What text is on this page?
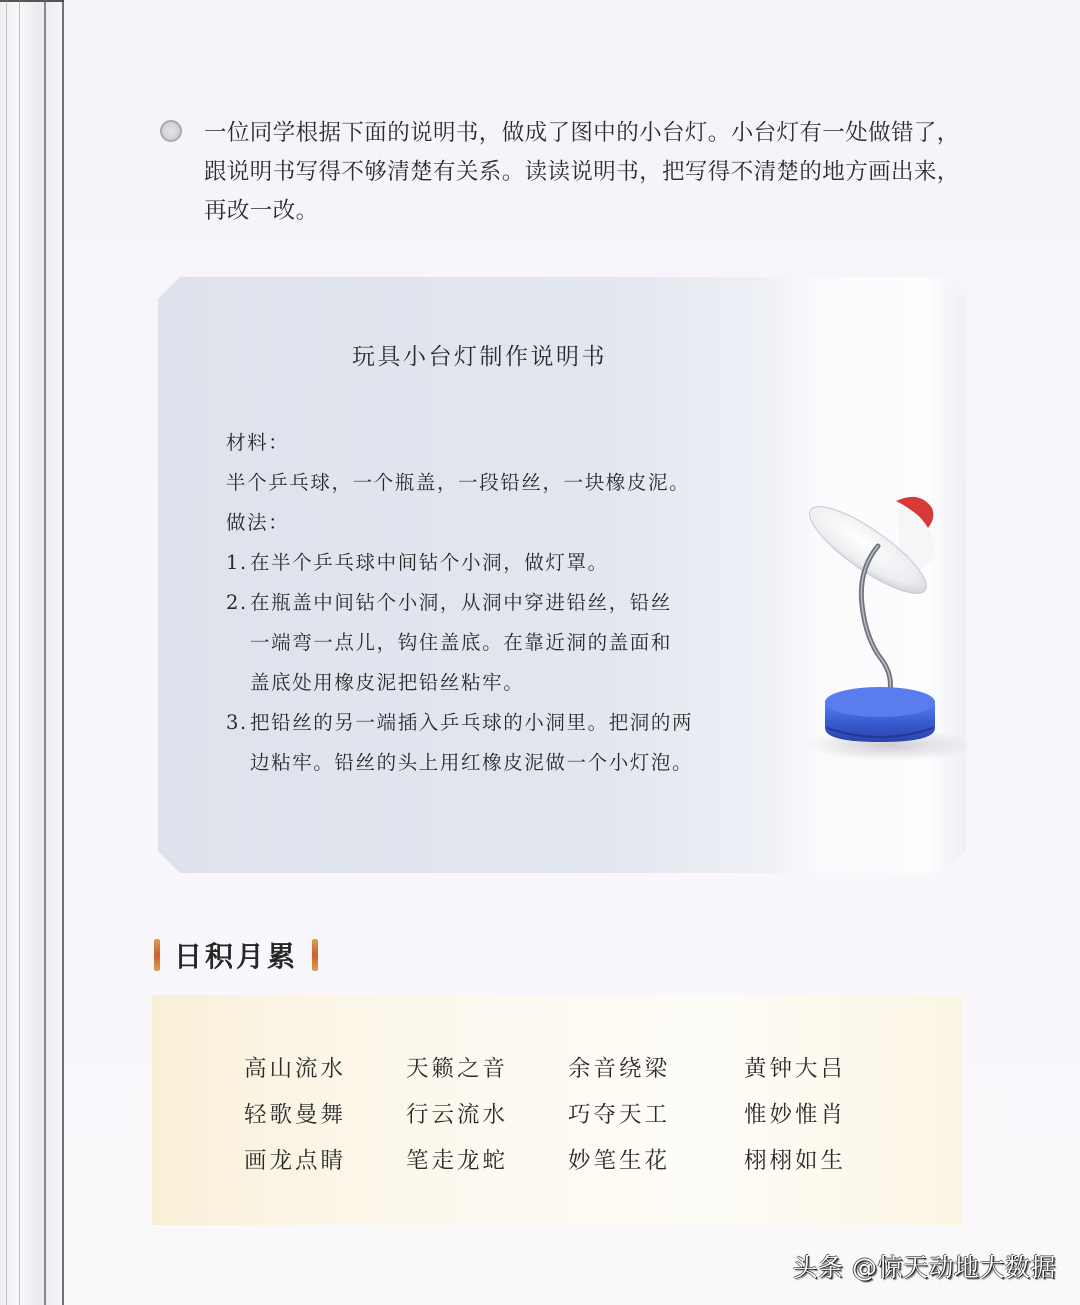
一位同学根据下面的说明书，做成了图中的小台灯。小台灯有一处做错了，跟说明书写得不够清楚有关系。读读说明书，把写得不清楚的地方画出来，再改一改。

玩具小台灯制作说明书
材料：
半个乒乓球，一个瓶盖，一段铅丝，一块橡皮泥。
做法：
1. 在半个乒乓球中间钻个小洞，做灯罩。
2. 在瓶盖中间钻个小洞，从洞中穿进铅丝，铅丝
一端弯一点儿，钩住盖底。在靠近洞的盖面和
盖底处用橡皮泥把铅丝粘牢。
3. 把铅丝的另一端插入乒乓球的小洞里。把洞的两
边粘牢。铅丝的头上用红橡皮泥做一个小灯泡。
日积月累
高山流水	天籁之音	余音绕梁	黄钟大吕
轻歌曼舞	行云流水	巧夺天工	惟妙惟肖
画龙点睛	笔走龙蛇	妙笔生花	栩栩如生
头条 @惊天动地大数据
